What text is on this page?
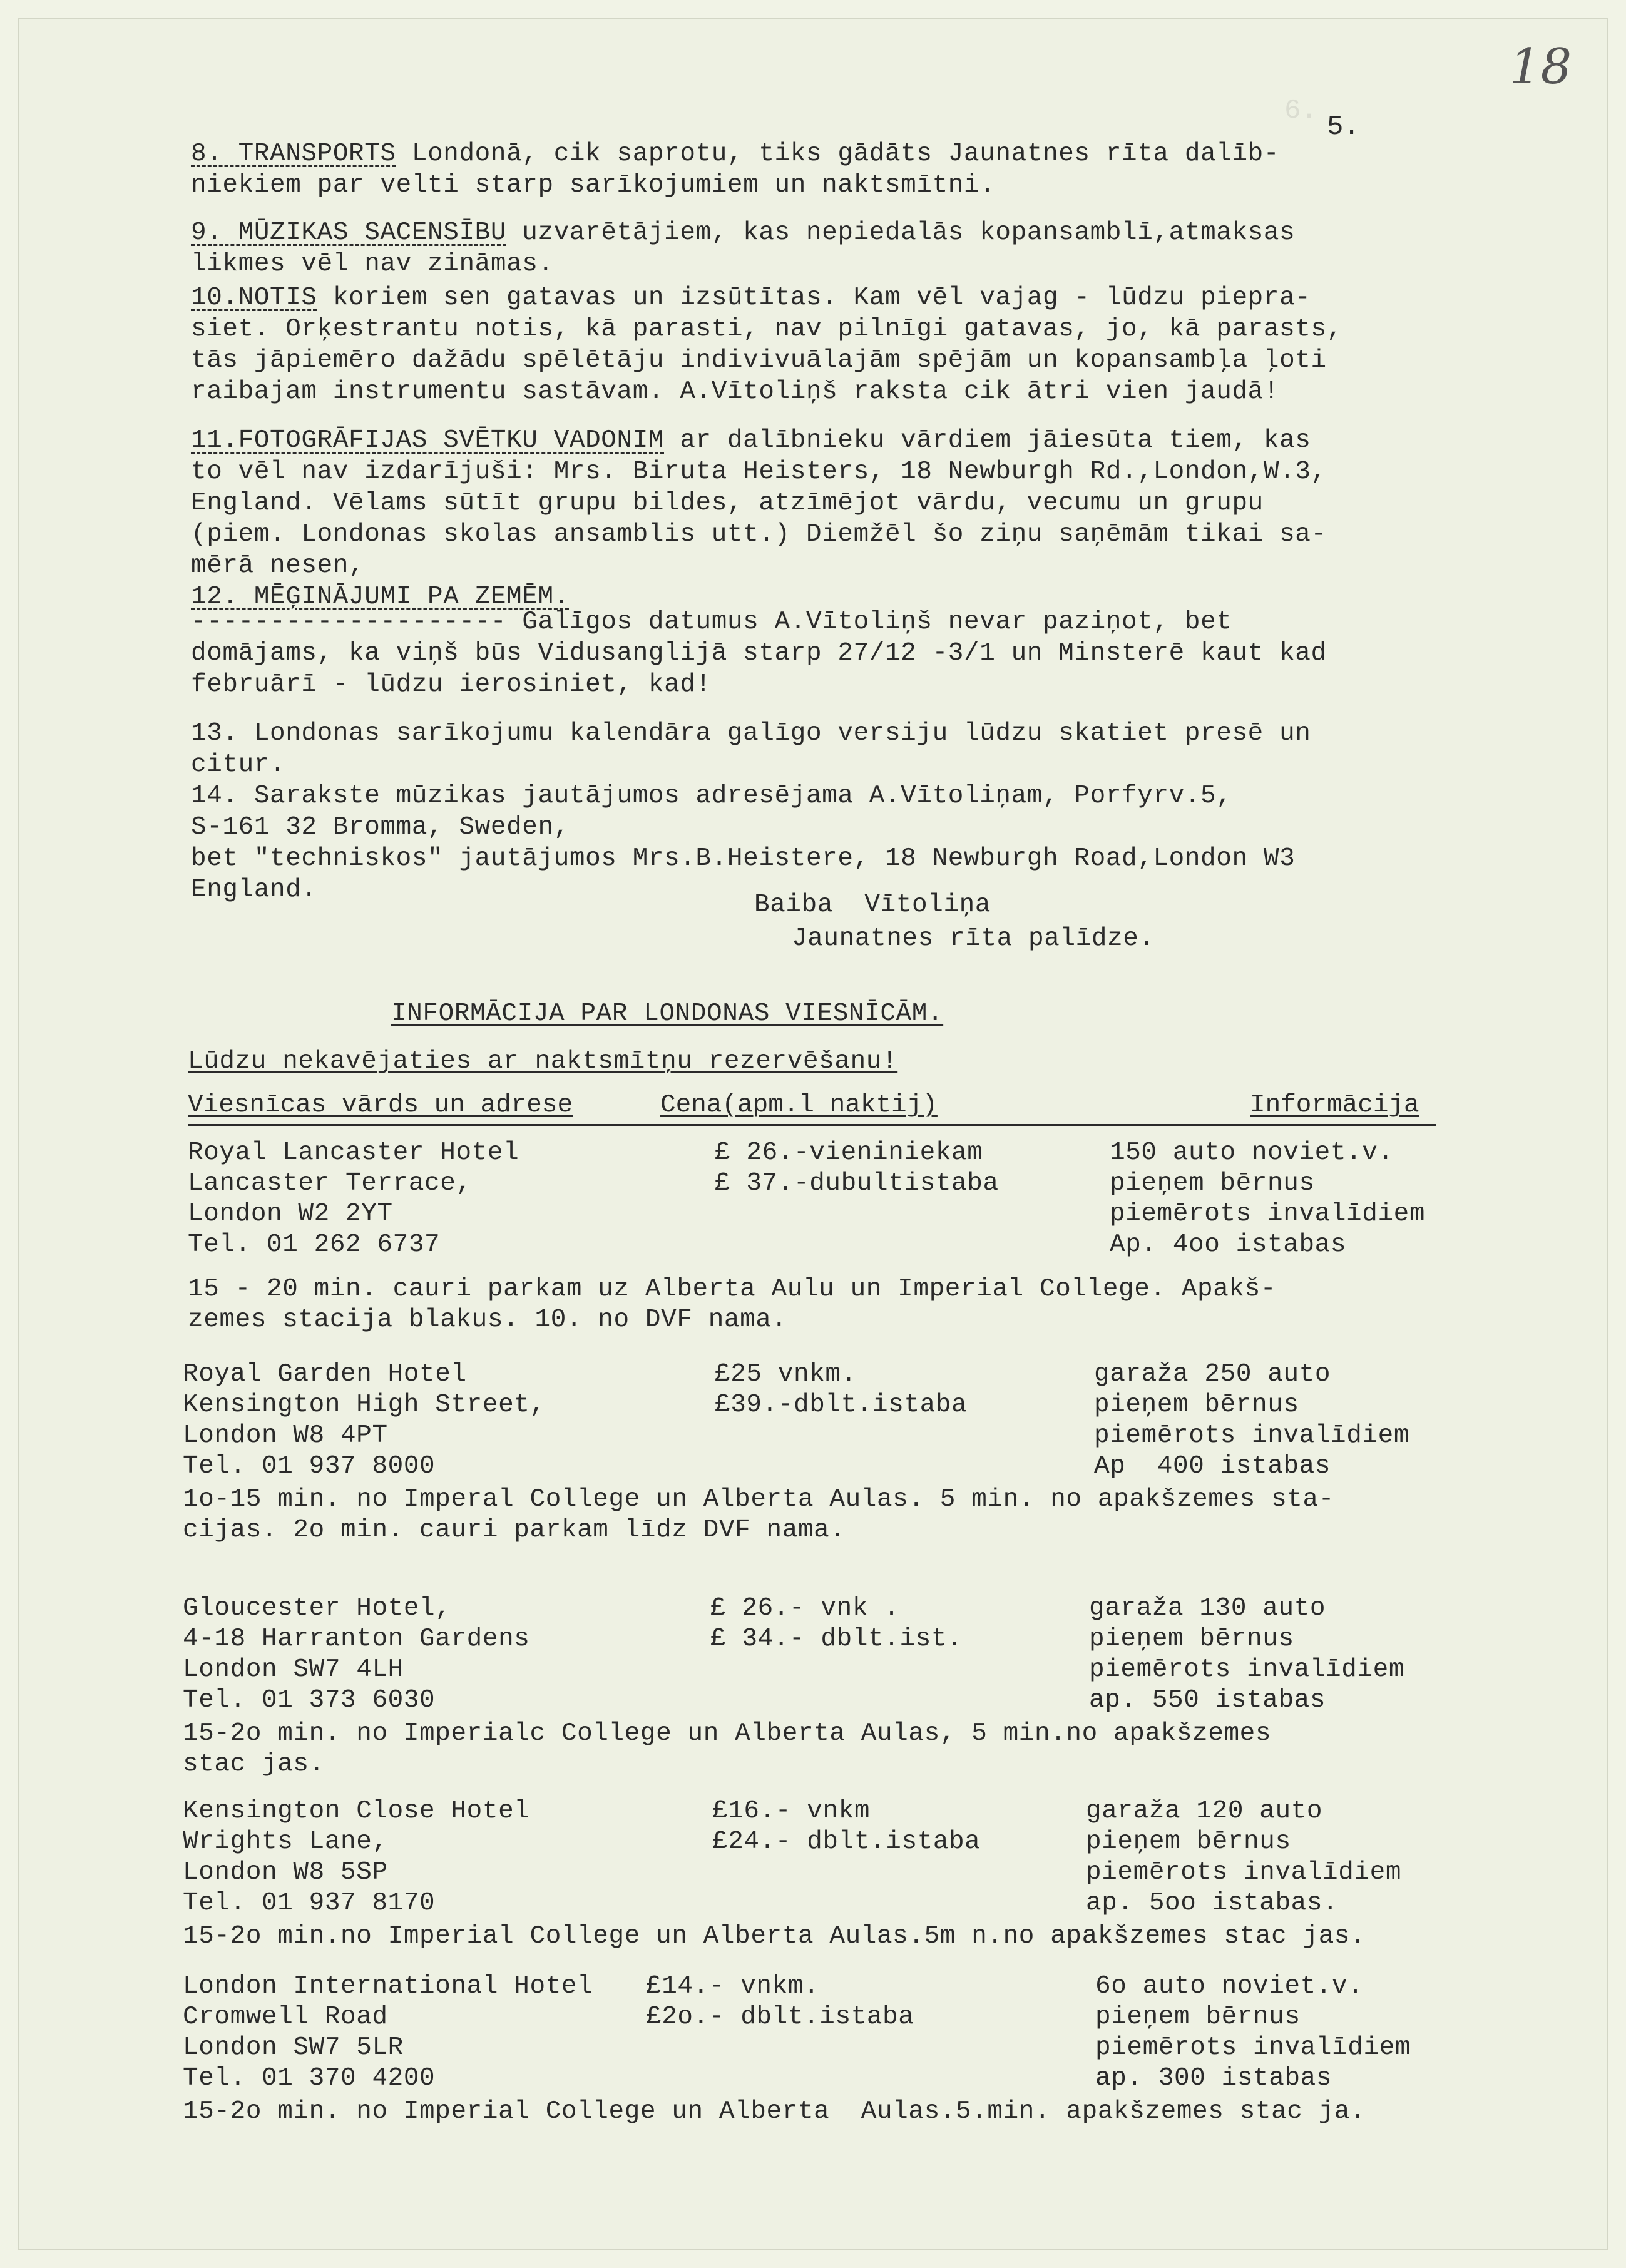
6.
18
5.
8. TRANSPORTS Londonā, cik saprotu, tiks gādāts Jaunatnes rīta dalīb-
niekiem par velti starp sarīkojumiem un naktsmītni.
9. MŪZIKAS SACENSĪBU uzvarētājiem, kas nepiedalās kopansamblī,atmaksas
likmes vēl nav zināmas.
10.NOTIS koriem sen gatavas un izsūtītas. Kam vēl vajag - lūdzu piepra-
siet. Orķestrantu notis, kā parasti, nav pilnīgi gatavas, jo, kā parasts,
tās jāpiemēro dažādu spēlētāju indivivuālajām spējām un kopansambļa ļoti
raibajam instrumentu sastāvam. A.Vītoliņš raksta cik ātri vien jaudā!
11.FOTOGRĀFIJAS SVĒTKU VADONIM ar dalībnieku vārdiem jāiesūta tiem, kas
to vēl nav izdarījuši: Mrs. Biruta Heisters, 18 Newburgh Rd.,London,W.3,
England. Vēlams sūtīt grupu bildes, atzīmējot vārdu, vecumu un grupu
(piem. Londonas skolas ansamblis utt.) Diemžēl šo ziņu saņēmām tikai sa-
mērā nesen,
12. MĒĢINĀJUMI PA ZEMĒM.
-------------------- Galīgos datumus A.Vītoliņš nevar paziņot, bet
domājams, ka viņš būs Vidusanglijā starp 27/12 -3/1 un Minsterē kaut kad
februārī - lūdzu ierosiniet, kad!
13. Londonas sarīkojumu kalendāra galīgo versiju lūdzu skatiet presē un
citur.
14. Sarakste mūzikas jautājumos adresējama A.Vītoliņam, Porfyrv.5,
S-161 32 Bromma, Sweden,
bet "techniskos" jautājumos Mrs.B.Heistere, 18 Newburgh Road,London W3
England.
Baiba  Vītoliņa
Jaunatnes rīta palīdze.
INFORMĀCIJA PAR LONDONAS VIESNĪCĀM.
Lūdzu nekavējaties ar naktsmītņu rezervēšanu!
Viesnīcas vārds un adrese	Cena(apm.l naktij)	Informācija
Royal Lancaster Hotel
Lancaster Terrace,
London W2 2YT
Tel. 01 262 6737
£ 26.-vieniniekam
£ 37.-dubultistaba
150 auto noviet.v.
pieņem bērnus
piemērots invalīdiem
Ap. 4oo istabas
15 - 20 min. cauri parkam uz Alberta Aulu un Imperial College. Apakš-
zemes stacija blakus. 10. no DVF nama.
Royal Garden Hotel
Kensington High Street,
London W8 4PT
Tel. 01 937 8000
£25 vnkm.
£39.-dblt.istaba
garaža 250 auto
pieņem bērnus
piemērots invalīdiem
Ap  400 istabas
1o-15 min. no Imperal College un Alberta Aulas. 5 min. no apakšzemes sta-
cijas. 2o min. cauri parkam līdz DVF nama.
Gloucester Hotel,
4-18 Harranton Gardens
London SW7 4LH
Tel. 01 373 6030
£ 26.- vnk .
£ 34.- dblt.ist.
garaža 130 auto
pieņem bērnus
piemērots invalīdiem
ap. 550 istabas
15-2o min. no Imperialc College un Alberta Aulas, 5 min.no apakšzemes
stac jas.
Kensington Close Hotel
Wrights Lane,
London W8 5SP
Tel. 01 937 8170
£16.- vnkm
£24.- dblt.istaba
garaža 120 auto
pieņem bērnus
piemērots invalīdiem
ap. 5oo istabas.
15-2o min.no Imperial College un Alberta Aulas.5m n.no apakšzemes stac jas.
London International Hotel
Cromwell Road
London SW7 5LR
Tel. 01 370 4200
£14.- vnkm.
£2o.- dblt.istaba
6o auto noviet.v.
pieņem bērnus
piemērots invalīdiem
ap. 300 istabas
15-2o min. no Imperial College un Alberta  Aulas.5.min. apakšzemes stac ja.
